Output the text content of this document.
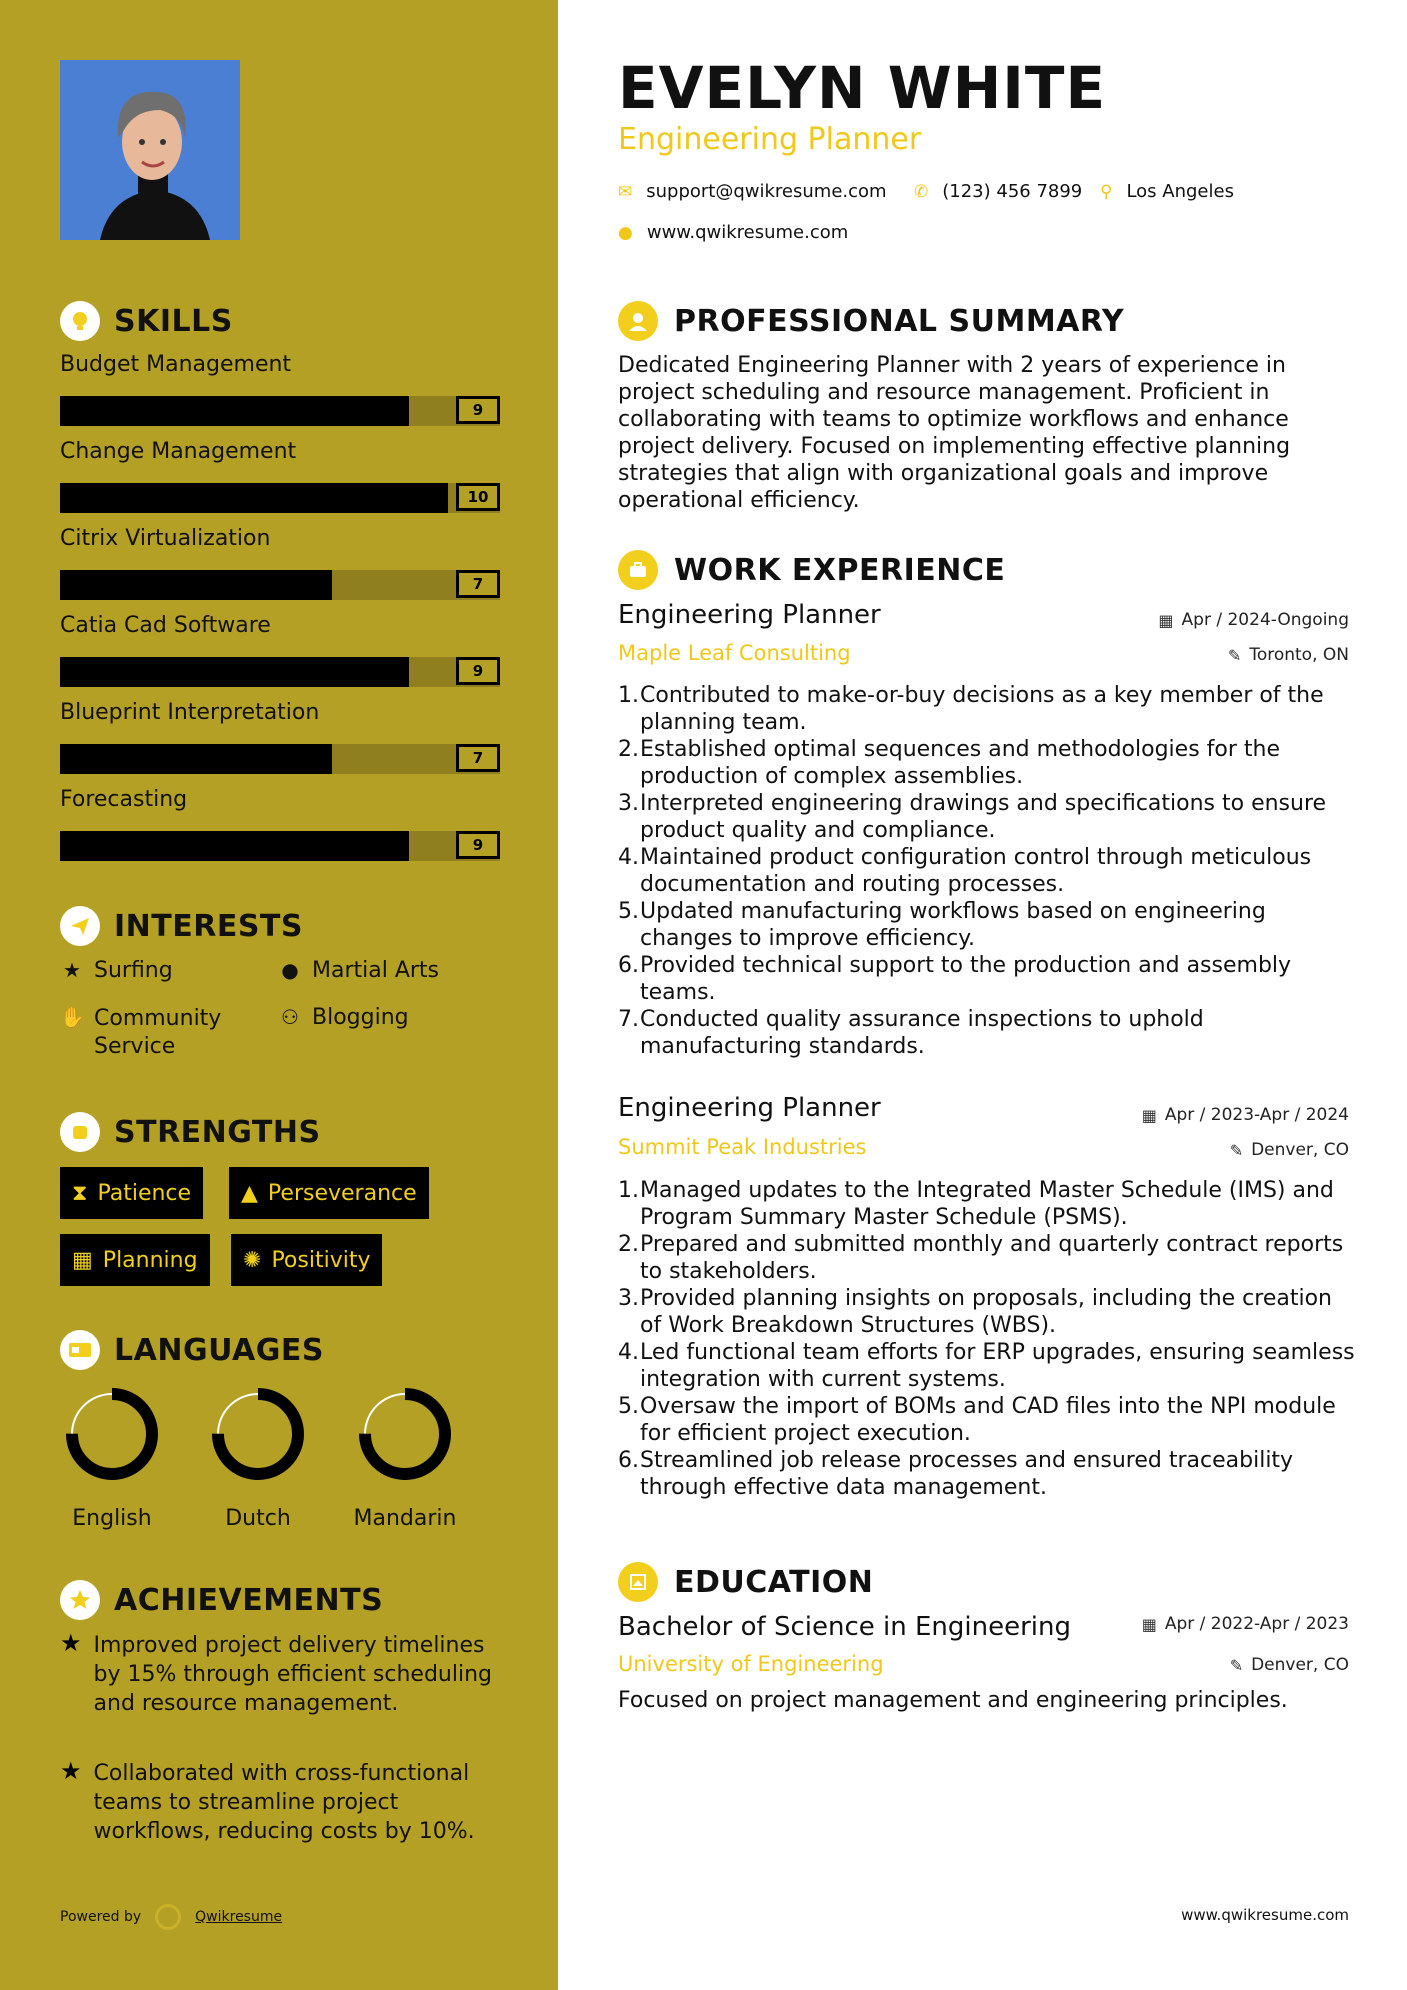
SKILLS
Budget Management
9
Change Management
10
Citrix Virtualization
7
Catia Cad Software
9
Blueprint Interpretation
7
Forecasting
9
INTERESTS
★ Surfing	● Martial Arts
✋ Community Service
⚇ Blogging
STRENGTHS
⧗ Patience ▲ Perseverance
▦ Planning ✺ Positivity
LANGUAGES
English	Dutch	Mandarin
ACHIEVEMENTS
★ Improved project delivery timelines by 15% through efficient scheduling and resource management.
★ Collaborated with cross-functional teams to streamline project workflows, reducing costs by 10%.
Powered by	Qwikresume
EVELYN WHITE
Engineering Planner
✉ support@qwikresume.com ✆ (123) 456 7899 ⚲ Los Angeles
● www.qwikresume.com
PROFESSIONAL SUMMARY
Dedicated Engineering Planner with 2 years of experience in project scheduling and resource management. Proficient in collaborating with teams to optimize workflows and enhance project delivery. Focused on implementing effective planning strategies that align with organizational goals and improve operational efficiency.
WORK EXPERIENCE
Engineering Planner	▦ Apr / 2024-Ongoing
Maple Leaf Consulting	✎ Toronto, ON
1. Contributed to make-or-buy decisions as a key member of the planning team.
2. Established optimal sequences and methodologies for the production of complex assemblies.
3. Interpreted engineering drawings and specifications to ensure product quality and compliance.
4. Maintained product configuration control through meticulous documentation and routing processes.
5. Updated manufacturing workflows based on engineering changes to improve efficiency.
6. Provided technical support to the production and assembly teams.
7. Conducted quality assurance inspections to uphold manufacturing standards.
Engineering Planner	▦ Apr / 2023-Apr / 2024
Summit Peak Industries	✎ Denver, CO
1. Managed updates to the Integrated Master Schedule (IMS) and Program Summary Master Schedule (PSMS).
2. Prepared and submitted monthly and quarterly contract reports to stakeholders.
3. Provided planning insights on proposals, including the creation of Work Breakdown Structures (WBS).
4. Led functional team efforts for ERP upgrades, ensuring seamless integration with current systems.
5. Oversaw the import of BOMs and CAD files into the NPI module for efficient project execution.
6. Streamlined job release processes and ensured traceability through effective data management.
EDUCATION
Bachelor of Science in Engineering	▦ Apr / 2022-Apr / 2023
University of Engineering	✎ Denver, CO
Focused on project management and engineering principles.
www.qwikresume.com
